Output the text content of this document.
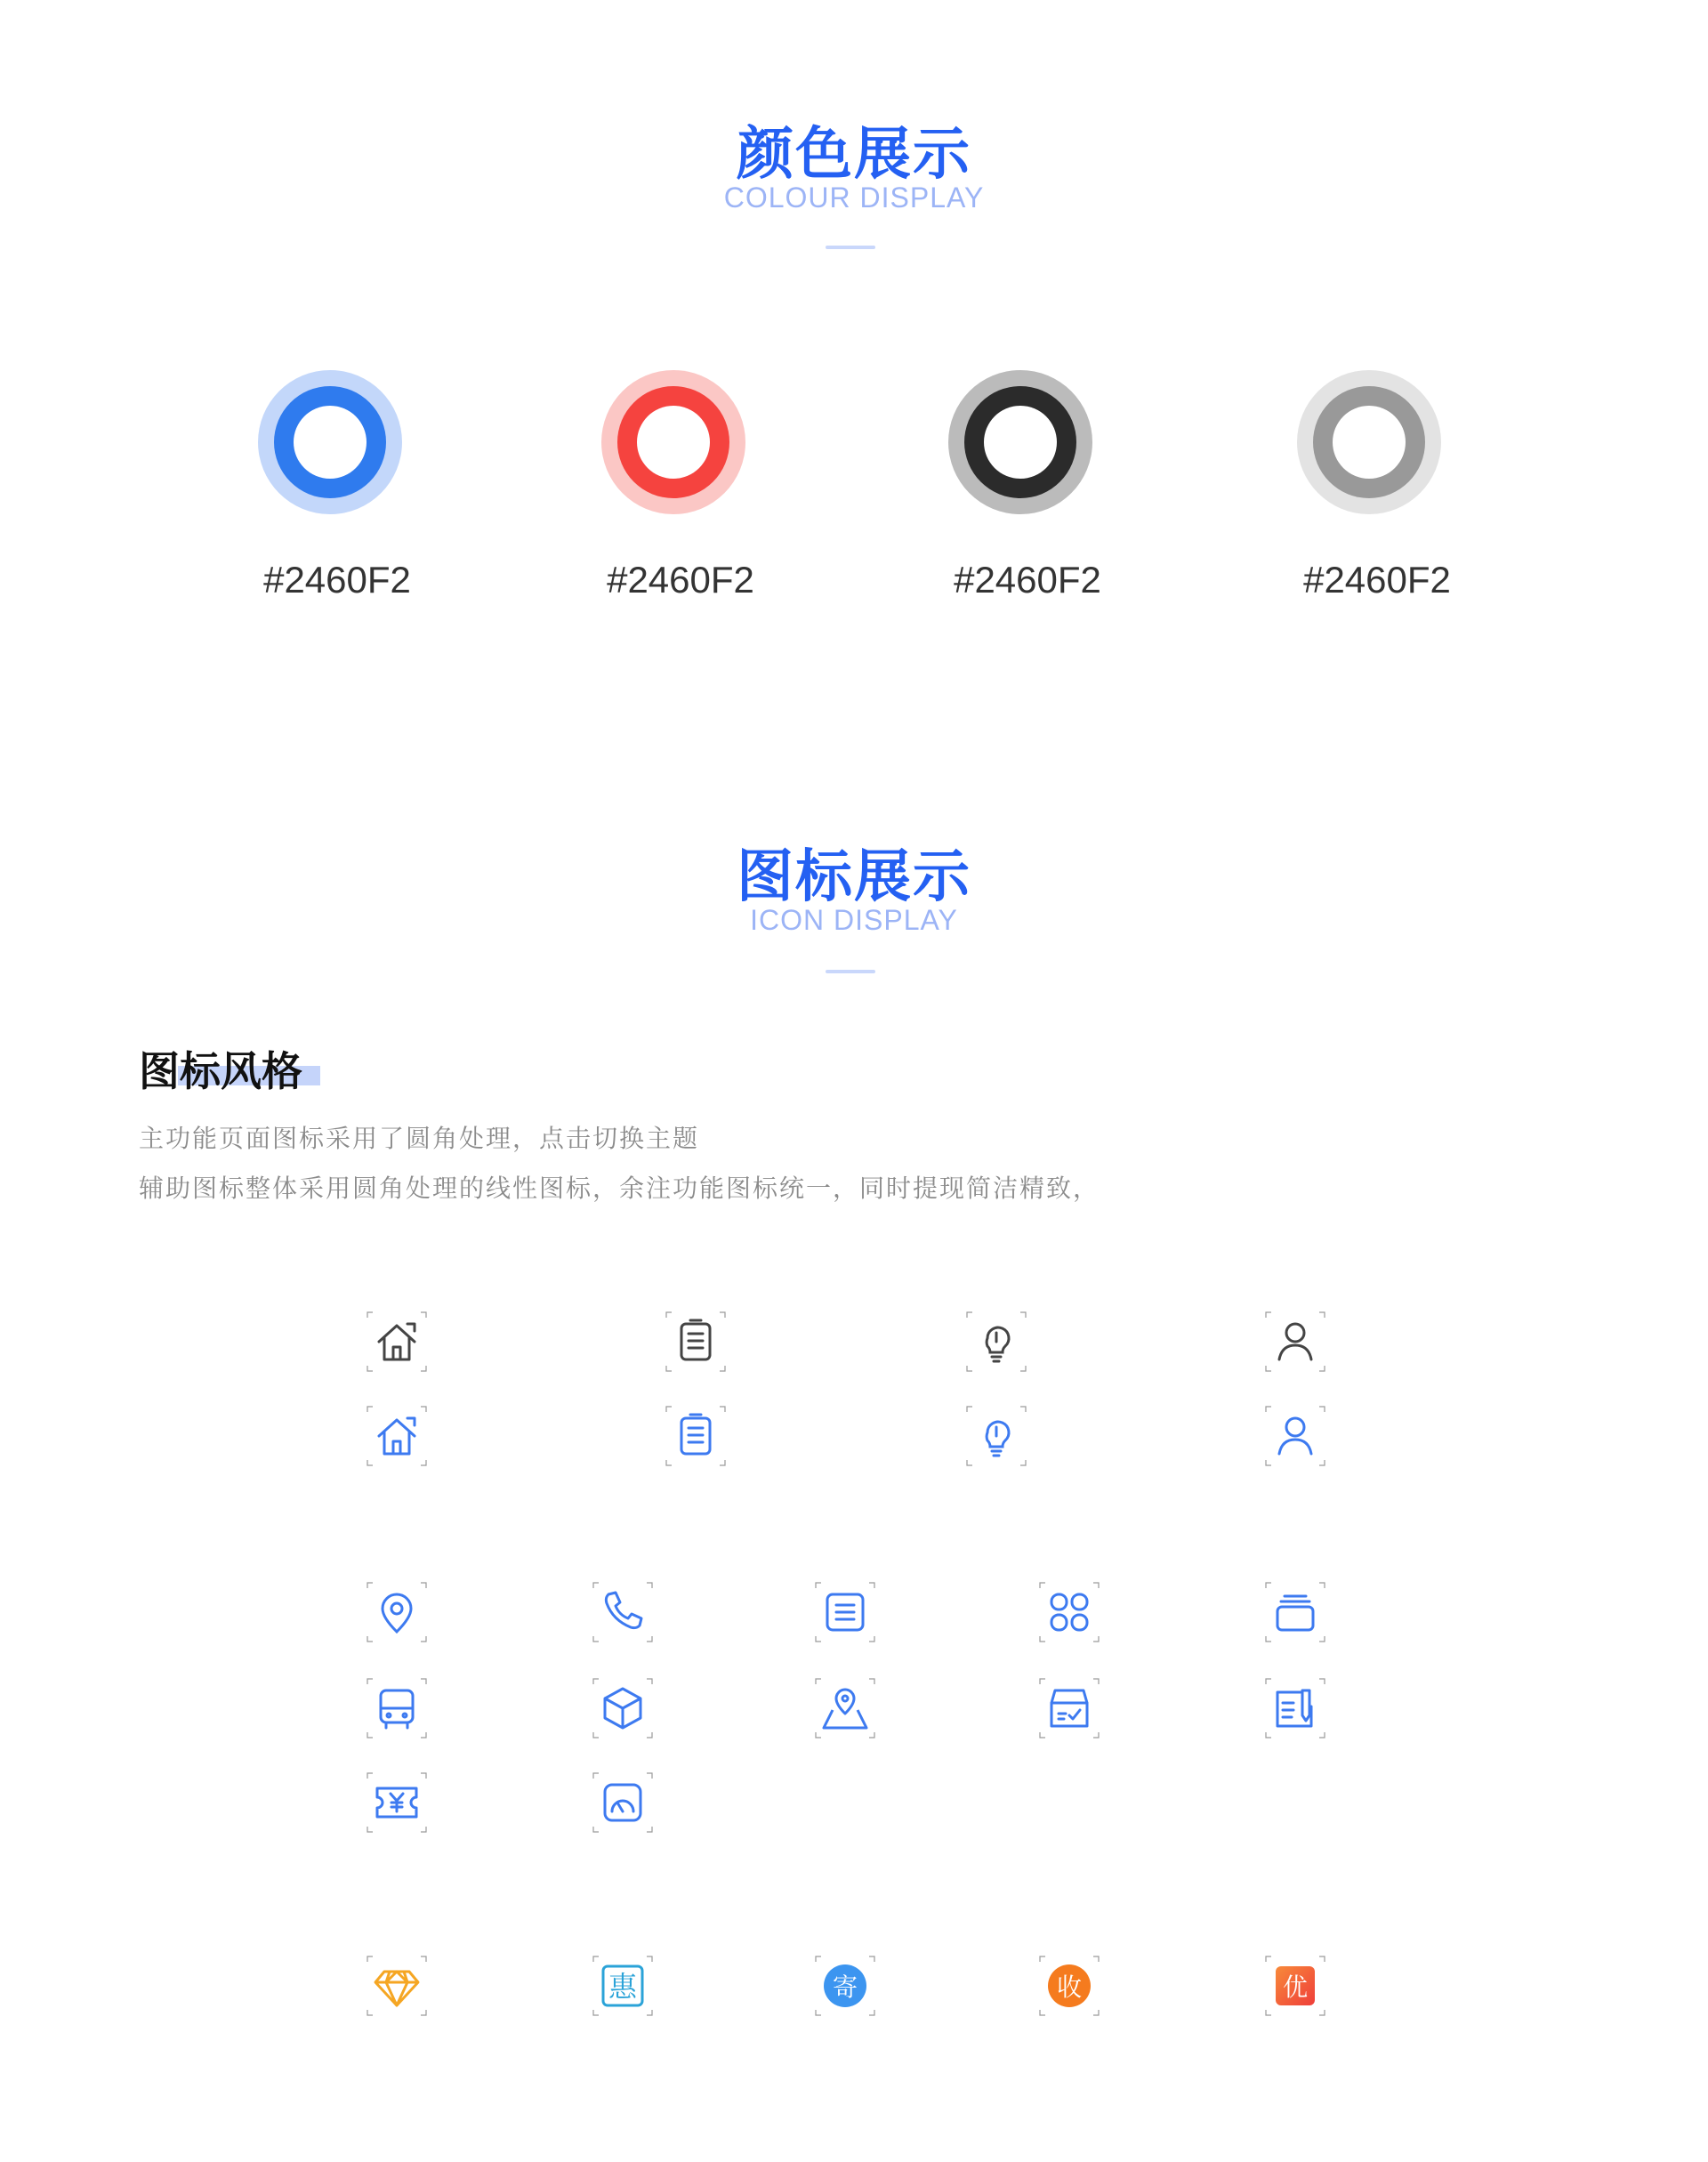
颜色展示
COLOUR DISPLAY
#2460F2	#2460F2	#2460F2	#2460F2
图标展示
ICON DISPLAY
图标风格
主功能页面图标采用了圆角处理，点击切换主题
辅助图标整体采用圆角处理的线性图标，余注功能图标统一，同时提现简洁精致，
惠	寄	收	优
